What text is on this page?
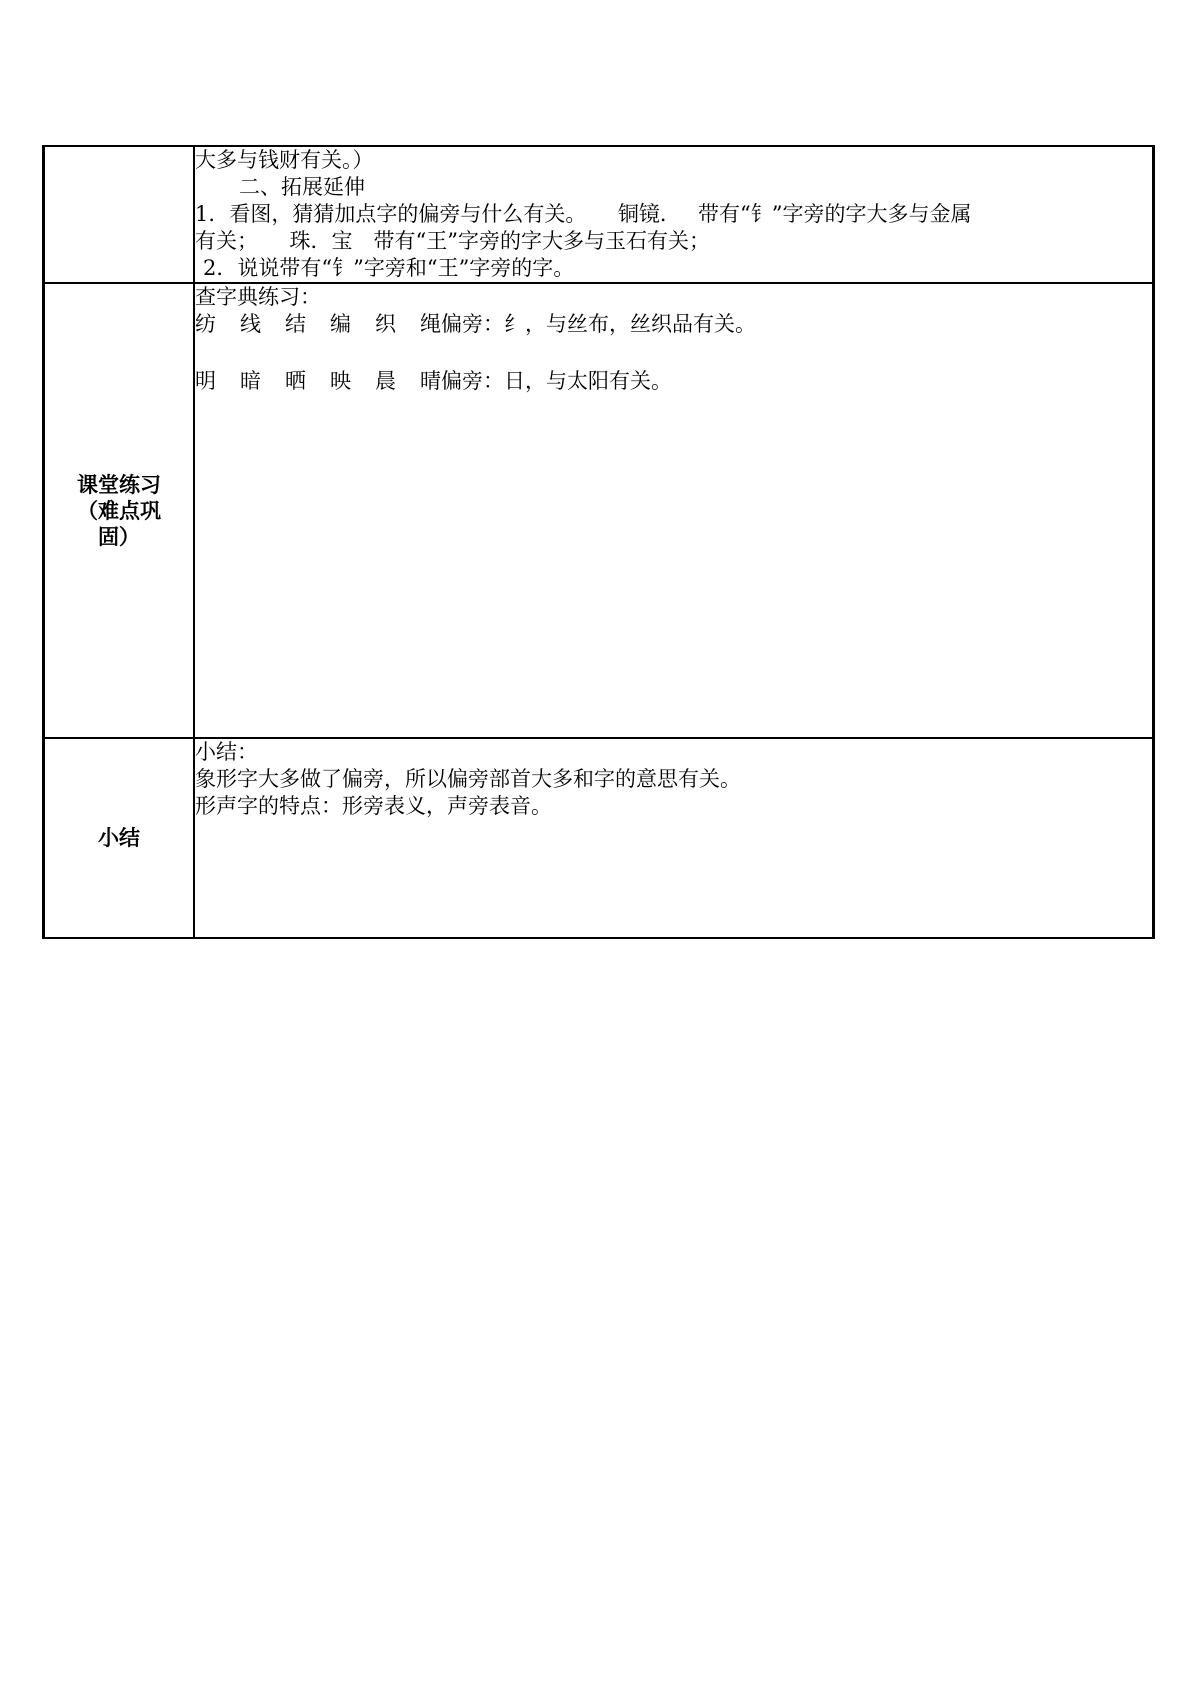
	大多与钱财有关。）
二、拓展延伸
1．看图，猜猜加点字的偏旁与什么有关。　　铜镜．　 带有“钅”字旁的字大多与金属
有关；　　珠．宝　带有“王”字旁的字大多与玉石有关；
2．说说带有“钅”字旁和“王”字旁的字。

课堂练习（难点巩固）	查字典练习：
纺 线 结 编 织 绳偏旁：纟，与丝布，丝织品有关。
明 暗 晒 映 晨 晴偏旁：日，与太阳有关。

小结	小结：
象形字大多做了偏旁，所以偏旁部首大多和字的意思有关。
形声字的特点：形旁表义，声旁表音。
